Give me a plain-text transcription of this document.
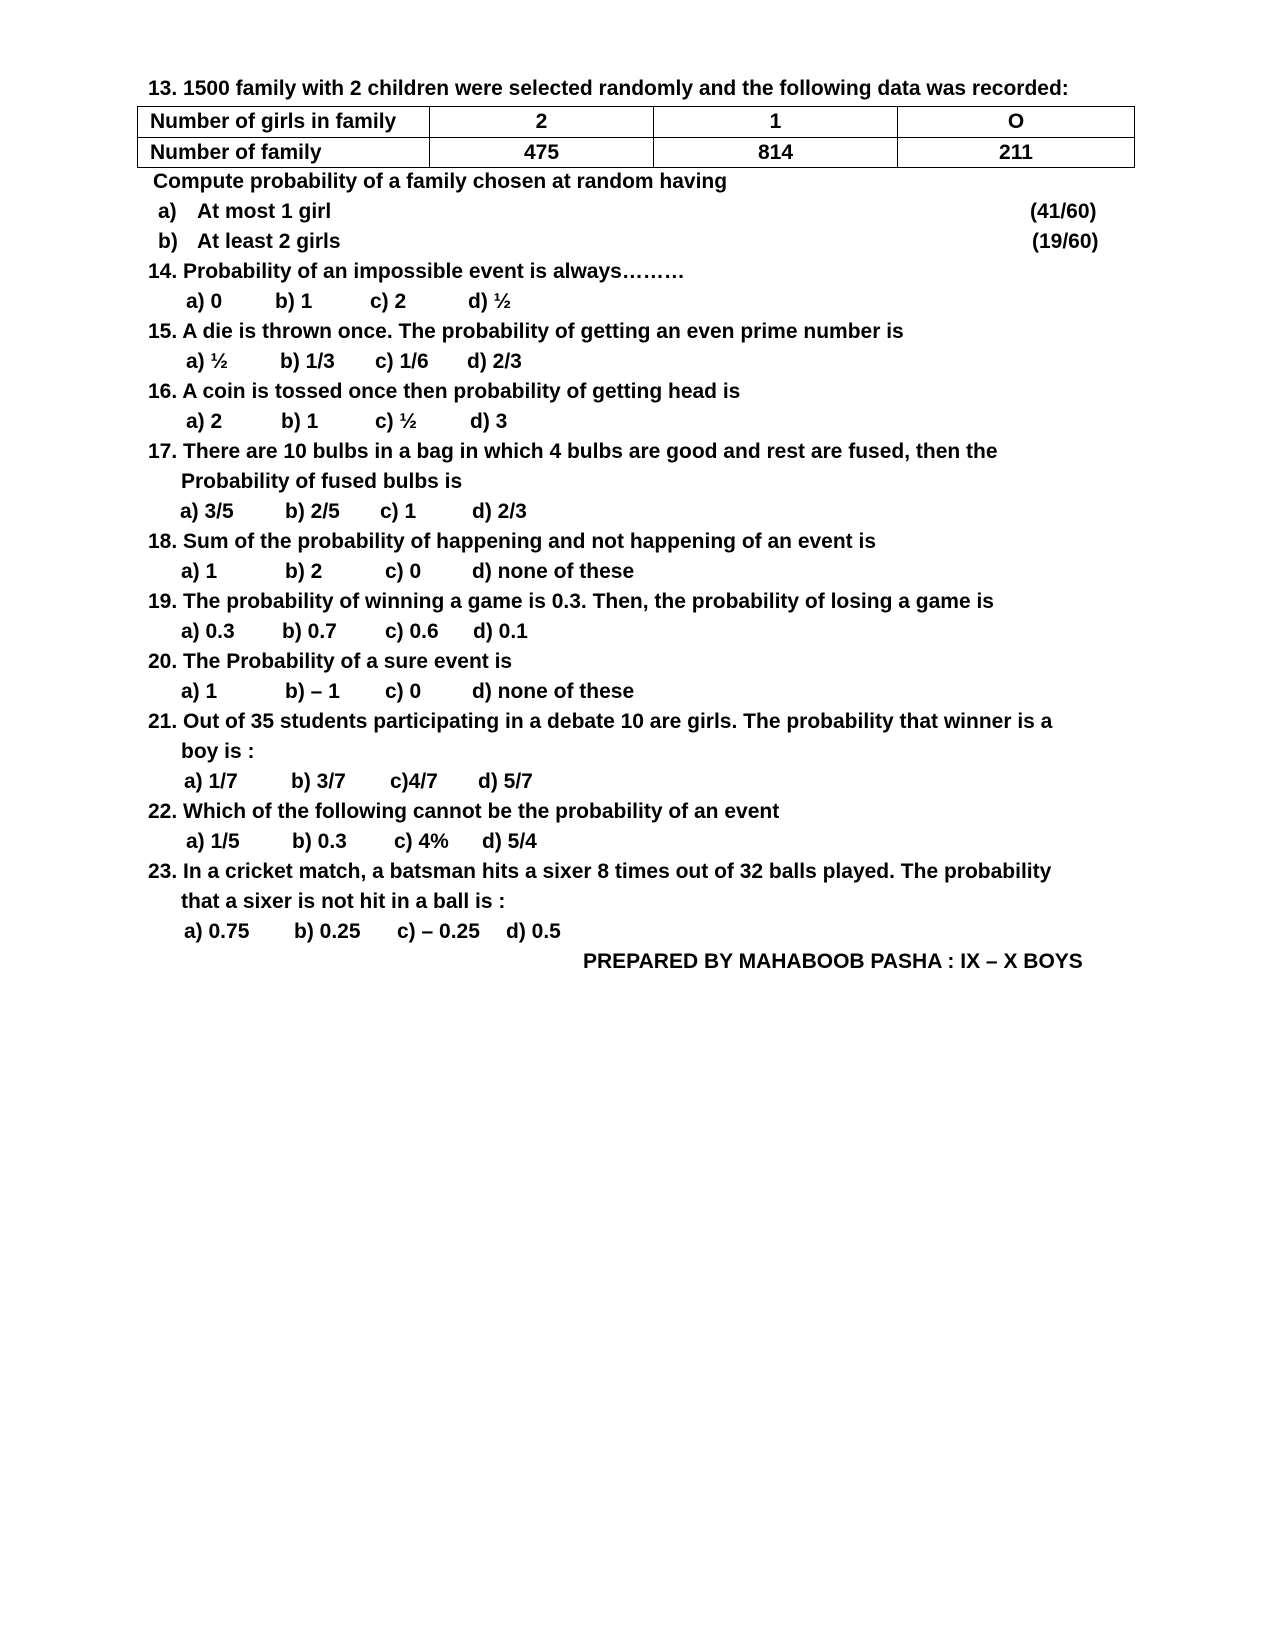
13. 1500 family with 2 children were selected randomly and the following data was recorded:
Number of girls in family	2	1	O
Number of family	475	814	211
Compute probability of a family chosen at random having
a) At most 1 girl	(41/60)
b) At least 2 girls	(19/60)
14. Probability of an impossible event is always………
a) 0	b) 1	c) 2	d) ½
15. A die is thrown once. The probability of getting an even prime number is
a) ½ b) 1/3 c) 1/6 d) 2/3
16. A coin is tossed once then probability of getting head is
a) 2	b) 1	c) ½	d) 3
17. There are 10 bulbs in a bag in which 4 bulbs are good and rest are fused, then the
Probability of fused bulbs is
a) 3/5 b) 2/5 c) 1	d) 2/3
18. Sum of the probability of happening and not happening of an event is
a) 1	b) 2	c) 0 d) none of these
19. The probability of winning a game is 0.3. Then, the probability of losing a game is
a) 0.3 b) 0.7 c) 0.6 d) 0.1
20. The Probability of a sure event is
a) 1	b) – 1 c) 0 d) none of these
21. Out of 35 students participating in a debate 10 are girls. The probability that winner is a
boy is :
a) 1/7	b) 3/7 c)4/7 d) 5/7
22. Which of the following cannot be the probability of an event
a) 1/5 b) 0.3 c) 4% d) 5/4
23. In a cricket match, a batsman hits a sixer 8 times out of 32 balls played. The probability
that a sixer is not hit in a ball is :
a) 0.75 b) 0.25 c) – 0.25 d) 0.5
PREPARED BY MAHABOOB PASHA : IX – X BOYS
